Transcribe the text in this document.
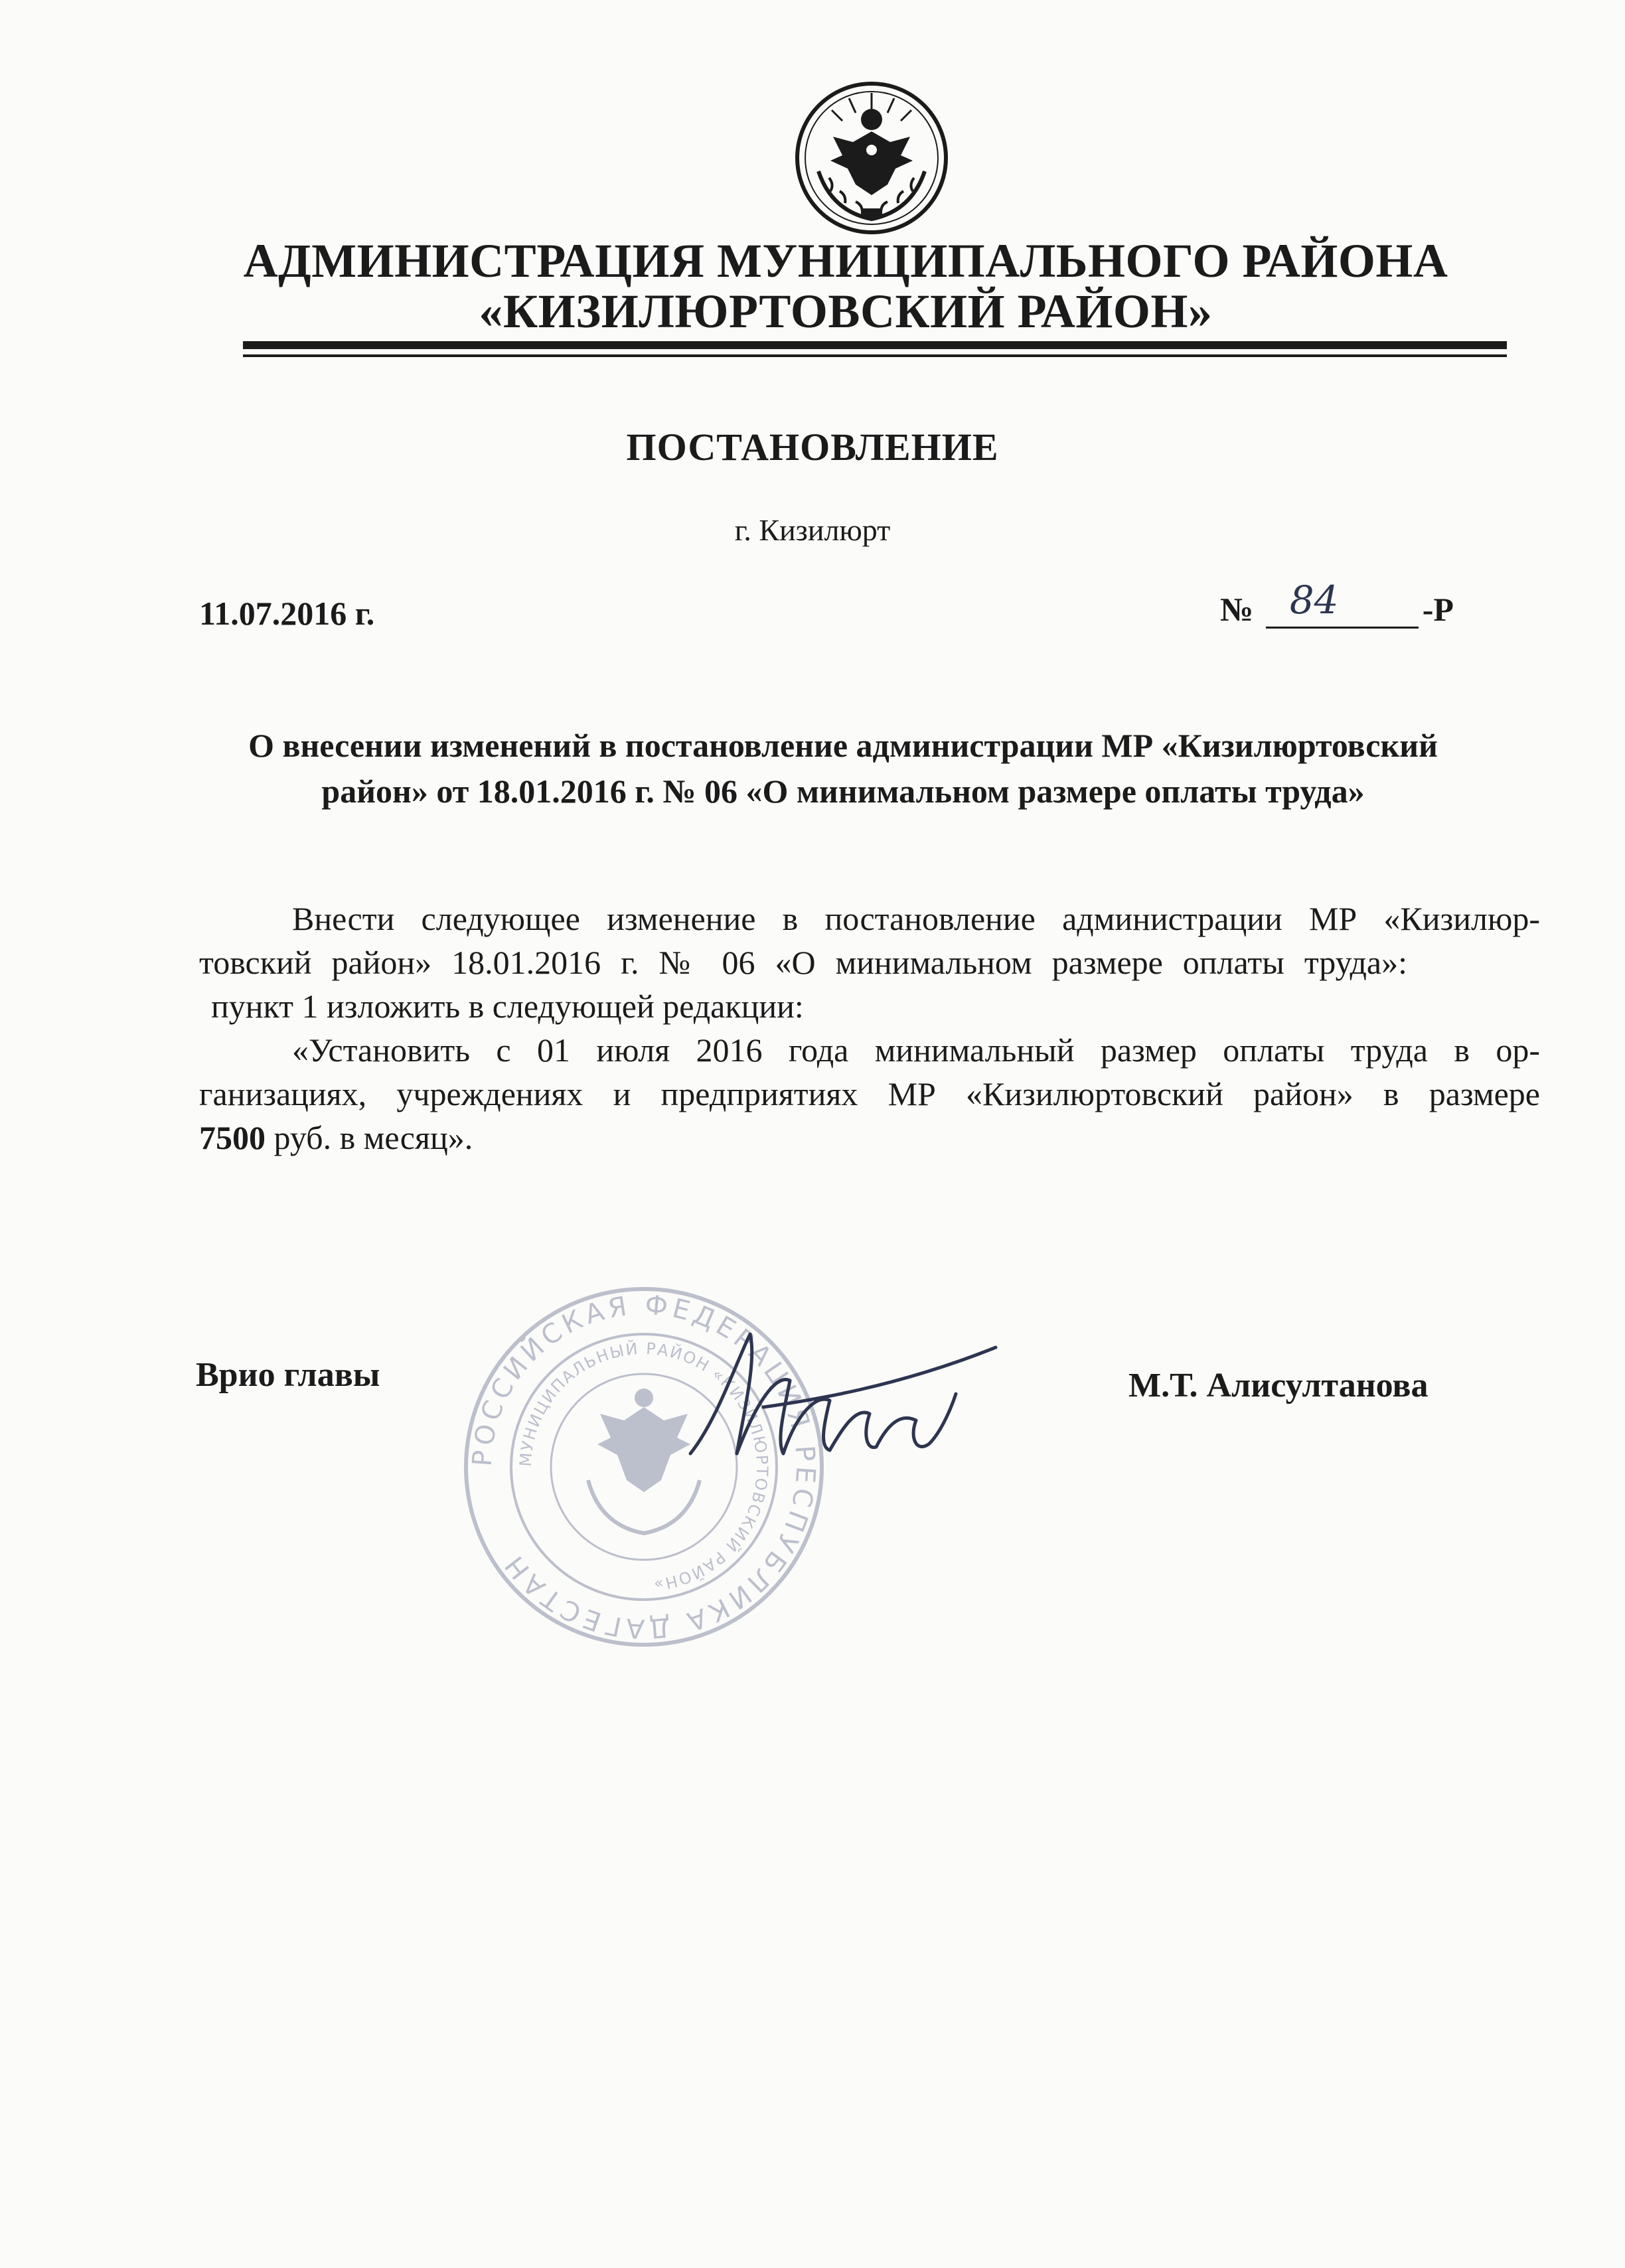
АДМИНИСТРАЦИЯ МУНИЦИПАЛЬНОГО РАЙОНА
«КИЗИЛЮРТОВСКИЙ РАЙОН»
ПОСТАНОВЛЕНИЕ
г. Кизилюрт
11.07.2016 г.	№ 84	-Р
О внесении изменений в постановление администрации МР «Кизилюртовский
район» от 18.01.2016 г. № 06 «О минимальном размере оплаты труда»
Внести следующее изменение в постановление администрации МР «Кизилюр-
товский район» 18.01.2016 г. № 06 «О минимальном размере оплаты труда»:
пункт 1 изложить в следующей редакции:
«Установить с 01 июля 2016 года минимальный размер оплаты труда в ор-
ганизациях, учреждениях и предприятиях МР «Кизилюртовский район» в размере
7500 руб. в месяц».
РОССИЙСКАЯ ФЕДЕРАЦИЯ РЕСПУБЛИКА ДАГЕСТАН
МУНИЦИПАЛЬНЫЙ РАЙОН «КИЗИЛЮРТОВСКИЙ РАЙОН»
Врио главы	М.Т. Алисултанова
